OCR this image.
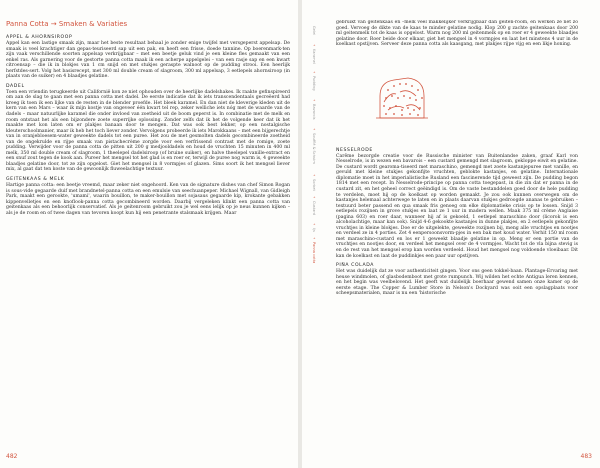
Panna Cotta → Smaken & Variaties
APPEL & AHORNSIROOP

Appel kan een lastige smaak zijn, maar het beste resultaat behaal je zonder enige twijfel met versgeperst appelsap. De smaak is veel krachtiger dan gepas-teuriseerd sap uit een pak, en heeft een frisse, doede tannine. Op boerenmark-ten zijn vaak verschillende soorten appelsap verkrijgbaar – met een beetje geluk vind je een kleine fles gemaakt van een enkel ras. Als garnering voor de gestorte panna cotta maak ik een acherpe appelgelei – van een rasje sap en een kwart citroensap – die ik in blokjes van 1 cm snijd en met stukjes geraspte walnoot op de pudding strooi. Een heerlijk herfstdes-sert. Volg het basisrecept, met 300 ml double cream of slagroom, 300 ml appelsap, 3 eetlepels ahornsiroop (in plaats van de suiker) en 4 blaadjes gelatine.

DADEL

Toen een vriendin terugkeerde uit Californië kon ze niet ophouden over de heerlijke dadelshakes. Ik raakte gefinspireerd om aan de slag te gaan met een panna cotta met dadel. De eerste indicatie dat ik iets transcendentaals gecreëerd had kreeg ik toen ik een lijke van de resten in de blender proefde. Het bleek karamel. En dan niet de kleverige kleden uit de kern van een Mars – waar ik mijn kostje van ongeveer één kwart tel rep, zeker welliche iets nóg met de waarde van de dadels – maar natuurlijke karamel die onder invloed van zoetheid uit de boom geperst is. In combinatie met de melk en room ontstaat het als een bijzondere zoete superrijke oplossing. Zonder zelfs dat ik het de volgende keer dat ik het maakte met kon laten om er plakjes banaan door te mengen. Dat was ook best lekker, op een nostalgische kleuterschoolmanier, maar ik heb het toch liever zonder. Vervolgens probeerde ik iets Marokkaans – met een bijgerechtje van in oranjebloesem-water geweekte dadels tot een puree. Het zou de met gesmolten dadels gecombineerde zoetheid van de ongekrulde en rijpe smaak van pistachecrème zorgde voor een verfrissend contrast met de romige, zoete pudding. Verwijder voor de panna cotta de pitten uit 200 g medjooldadels en houd de vruchten 15 minuten in 400 ml melk, 350 ml double cream of slagroom, 1 theelepel dadelsiroop (of bruine suiker), en halve theelepel vanille-extract en een snuf zout tegen de kook aan. Pureer het mengsel tot het glad is en roer er, terwijl de puree nog warm is, 4 geweekte blaadjes gelatine door, tot ze zijn opgelost. Giet het mengsel in 8 vormpjes of glazen. Sims soort ik het mengsel liever mix, al gaat dat ten koste van de gewoonlijk fluweelachtige textuur.

GEITENKAAS & MELK

Hartige panna cotta: een beetje vreemd, maar zeker niet ongehoord. Ken van de signature dishes van chef Simon Rogan is sous-vide gegaarde duif met brandnetel-panna cotta en een emulsie van seechuanpeper. Michael Wignall, van Gidleigh Park, maakt een gerookte, 'umami', waarin bouillon, te maker-bouillon met sojasaus gegaarde kip, krokante gebakken kippenvelletjes en een knoflook-panna cotta gecombineerd worden. Daarbij vergeleken klinkt een panna cotta van geitenkaas als een behoorlijk conservatief. Als je geitenroom gebruikt zou je wel eens lelijk op je neus kunnen kijken – als je de room en of twee dagen van tevoren koopt kun hij een penetrante stalsmaak krijgen. Maar

482
Gelei
+
Karamel
+
Pudding
+
Bavarois
+
Soufflé & Schuim
+
Sorbet
+
Custard
+
Ijs
+
Panna cotta

gebruikt van geitenkaas en –melk veel makkelijker verkrijgbaar dan geiten-room, en werken ze net zo goed. Vervoeg de dikte van de kaas te minder gelatine nodig. Klop 200 g zachte geitenkaas door 200 ml geitenmelk tot de kaas is opgelost. Warm nog 200 ml geitenmelk op en roer er 4 geweekte blaadjes gelatine door. Roer beide door elkaar, giet het mengsel in 4 vormpjes en laat het minstens 4 uur in de koelkast opstijven. Serveer deze panna cotta als kaasgang, met plakjes rijpe vijg en een likje honing.

NESSELRODE

Carême bezorgde creatie voor de Russische minister van Buitenlandse zaken, graaf Karl von Nesselrode, is in wezen een bavarois – een custard gemengd met slagroom, gekloppe eiwit en gelatine. De custard wordt gearoma-tiseerd met maraschino, gemengd met zoete kastanjepuree met vanille, en gevuld met kleine stukjes gekonfijte vruchten, geblokte kastanjes, en gelatine. Internationale diplomatie moet in het imperialistische Rusland een fascinerende tijd geweest zijn. De pudding begon 1814 met een recept. In Nesselrode-principe op panna cotta toegepast, in die zin dat er panna in de custard zit, en het geheel correct geëindigd is. Om de vaste bestanddelen goed door de hele pudding te verdelen, moet hij op de koelkast op worden gemaakt. Je zou ook kunnen overwegen om de kastanjes helemaal achterwege te laten en in plaats daarvan stukjes gedroogde ananas te gebruiken – textuurd beter passend en qua smaak fris genoeg om elke diplomatieke crisis op te lossen. Snijd 3 eetlepels rozijnen in grove stukjes en laat ze 1 uur in madera wellen. Maak 375 ml crème Anglaise (pagina 603) en roer daar, wanneer hij af is gekoeld, 1 eetlepel maraschino door (licorok is een alcoholachtige, maar kan ook). Snijd 4-6 gekookte kastanjes in dunne plakjes, en 2 eetlepels gekonfijte vruchtjes in kleine blokjes. Doe er de uitgelekte, geweekte rozijnen bij, meng alle vruchtjes en nootjes en verdeel ze in 4 porties. Zet 4 eenpersoonsvorm-pjes in een bak met koud water. Verhit 150 ml room met maraschino-custard en los er 1 geweekt blaadje gelatine in op. Meng er een portie van de vruchtjes en nootjes door, en verdeel het mengsel over de 4 vormpjes. Wacht tot de vla bijna stevig is en de rest van het mengsel erop kan worden verdeeld. Houd het mengsel nog voldoende vloeibaar. Dit kan de koelkast en laat de puddinkjes een paar uur opstijven.

PIÑA COLADA

Het was duidelijk dat ze voor authenticiteit gingen. Voor ons geen tokkel-baan. Plantage-Ervaring met heuse windmolen, of glasbodemboot met grote rumpunch. Wij wilden het echte Antigua leren kennen, en het begin was veelbelovend. Het geeft wat duidelijk boerhaar gewend samen onze kamer op de eerste etage. The Copper & Lumber Store in Nelson's Dockyard was ooit een opslagplaats voor scheepsmaterialen, maar is nu een 'historische

483
